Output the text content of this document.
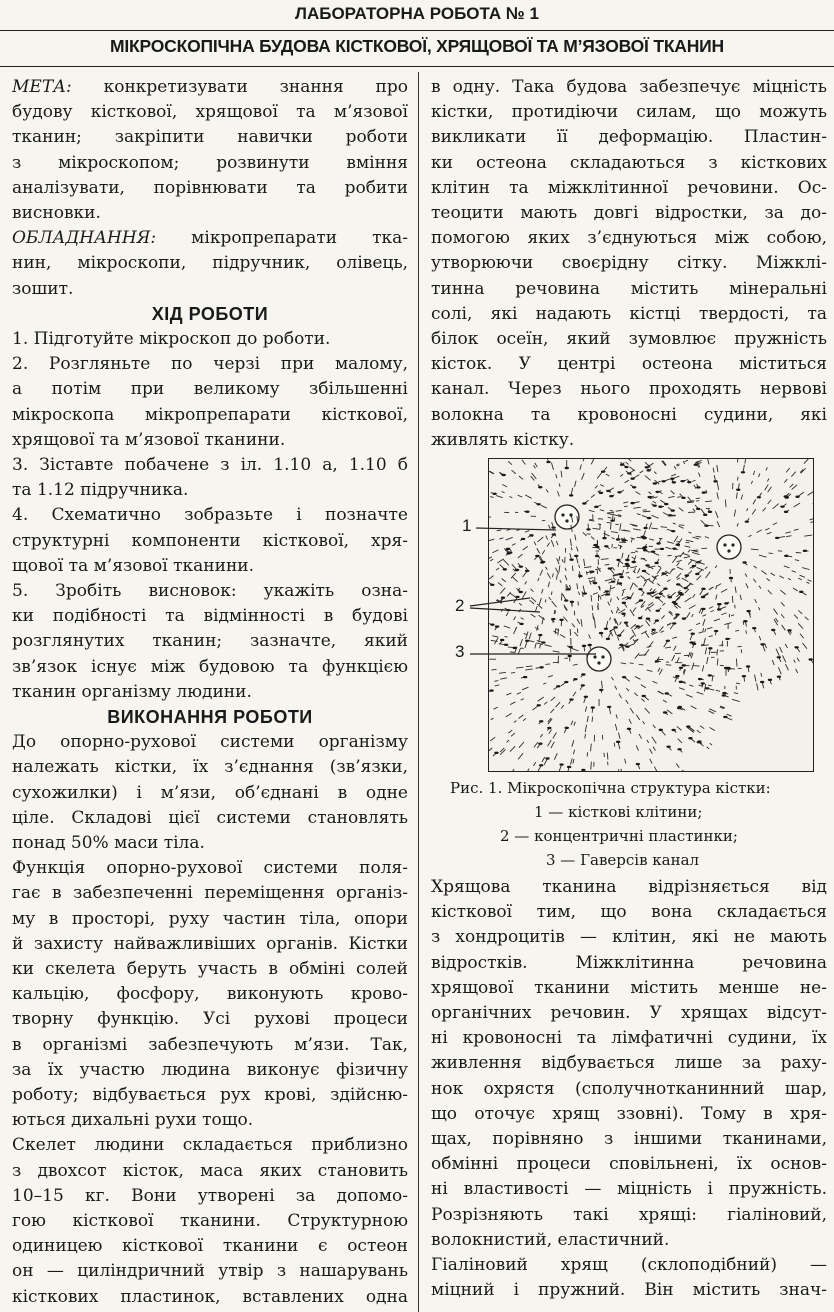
ЛАБОРАТОРНА РОБОТА № 1
МІКРОСКОПІЧНА БУДОВА КІСТКОВОЇ, ХРЯЩОВОЇ ТА М’ЯЗОВОЇ ТКАНИН
МЕТА: конкретизувати знання про
будову кісткової, хрящової та м’язової
тканин; закріпити навички роботи
з мікроскопом; розвинути вміння
аналізувати, порівнювати та робити
висновки.
ОБЛАДНАННЯ: мікропрепарати тка-
нин, мікроскопи, підручник, олівець,
зошит.
ХІД РОБОТИ
1. Підготуйте мікроскоп до роботи.
2. Розгляньте по черзі при малому,
а потім при великому збільшенні
мікроскопа мікропрепарати кісткової,
хрящової та м’язової тканини.
3. Зіставте побачене з іл. 1.10 а, 1.10 б
та 1.12 підручника.
4. Схематично зобразьте і позначте
структурні компоненти кісткової, хря-
щової та м’язової тканини.
5. Зробіть висновок: укажіть озна-
ки подібності та відмінності в будові
розглянутих тканин; зазначте, який
зв’язок існує між будовою та функцією
тканин організму людини.
ВИКОНАННЯ РОБОТИ
До опорно-рухової системи організму
належать кістки, їх з’єднання (зв’язки,
сухожилки) і м’язи, об’єднані в одне
ціле. Складові цієї системи становлять
понад 50% маси тіла.
Функція опорно-рухової системи поля-
гає в забезпеченні переміщення організ-
му в просторі, руху частин тіла, опори
й захисту найважливіших органів. Кістки
ки скелета беруть участь в обміні солей
кальцію, фосфору, виконують крово-
творну функцію. Усі рухові процеси
в організмі забезпечують м’язи. Так,
за їх участю людина виконує фізичну
роботу; відбувається рух крові, здійсню-
ються дихальні рухи тощо.
Скелет людини складається приблизно
з двохсот кісток, маса яких становить
10–15 кг. Вони утворені за допомо-
гою кісткової тканини. Структурною
одиницею кісткової тканини є остеон
он — циліндричний утвір з нашарувань
кісткових пластинок, вставлених одна
в одну. Така будова забезпечує міцність
кістки, протидіючи силам, що можуть
викликати її деформацію. Пластин-
ки остеона складаються з кісткових
клітин та міжклітинної речовини. Ос-
теоцити мають довгі відростки, за до-
помогою яких з’єднуються між собою,
утворюючи своєрідну сітку. Міжклі-
тинна речовина містить мінеральні
солі, які надають кістці твердості, та
білок осеїн, який зумовлює пружність
кісток. У центрі остеона міститься
канал. Через нього проходять нервові
волокна та кровоносні судини, які
живлять кістку.
1
2
3
Рис. 1. Мікроскопічна структура кістки:
1 — кісткові клітини;
2 — концентричні пластинки;
3 — Гаверсів канал
Хрящова тканина відрізняється від
кісткової тим, що вона складається
з хондроцитів — клітин, які не мають
відростків. Міжклітинна речовина
хрящової тканини містить менше не-
органічних речовин. У хрящах відсут-
ні кровоносні та лімфатичні судини, їх
живлення відбувається лише за раху-
нок охрястя (сполучнотканинний шар,
що оточує хрящ ззовні). Тому в хря-
щах, порівняно з іншими тканинами,
обмінні процеси сповільнені, їх основ-
ні властивості — міцність і пружність.
Розрізняють такі хрящі: гіаліновий,
волокнистий, еластичний.
Гіаліновий хрящ (склоподібний) —
міцний і пружний. Він містить знач-
